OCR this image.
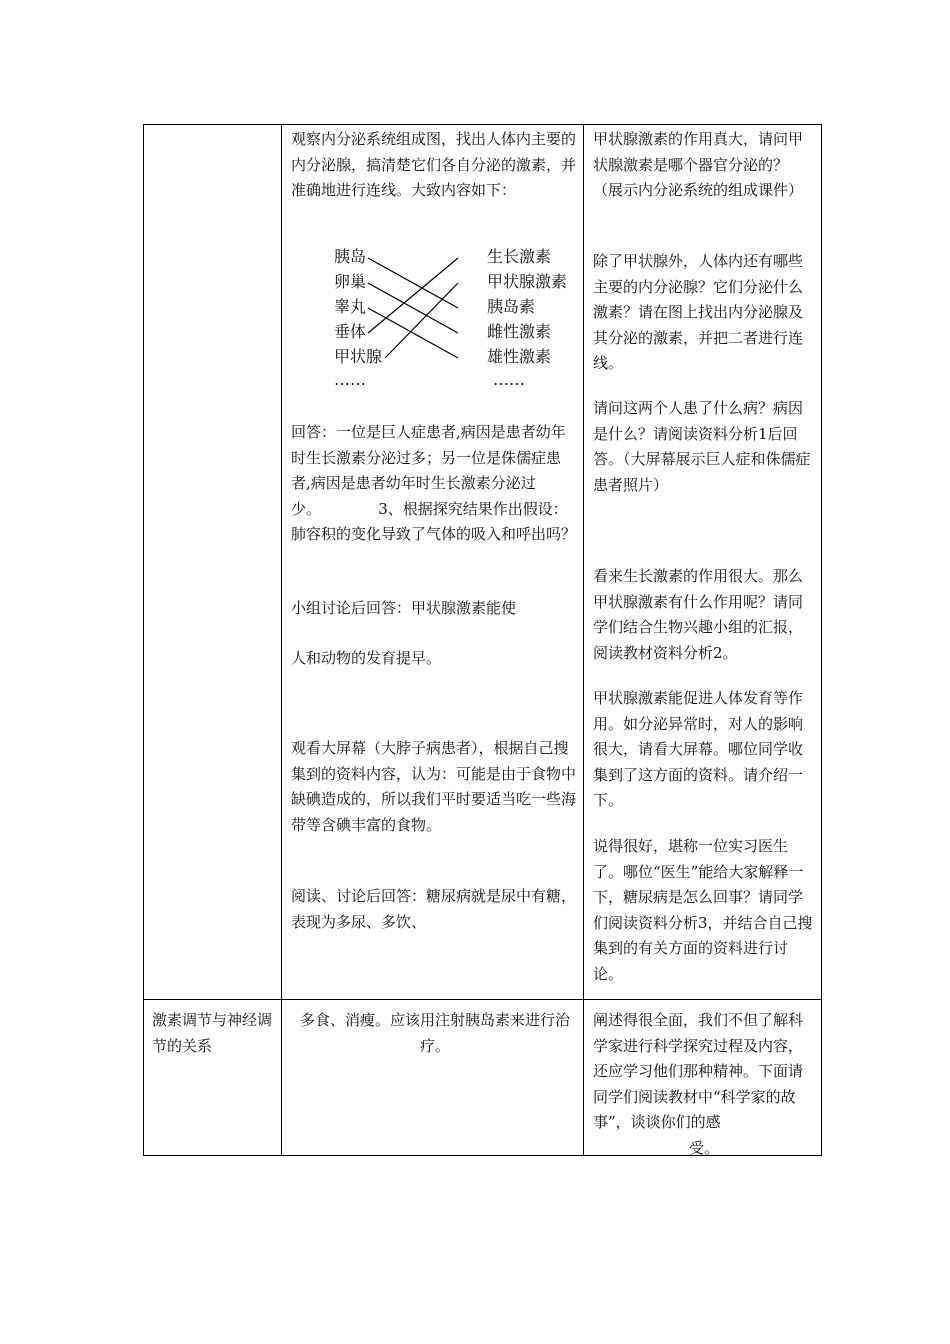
观察内分泌系统组成图，找出人体内主要的内分泌腺，搞清楚它们各自分泌的激素，并准确地进行连线。大致内容如下：

胰岛
卵巢
睾丸
垂体
甲状腺
……
生长激素
甲状腺激素
胰岛素
雌性激素
雄性激素
……

回答：一位是巨人症患者,病因是患者幼年时生长激素分泌过多；另一位是侏儒症患者,病因是患者幼年时生长激素分泌过少。	3、根据探究结果作出假设：肺容积的变化导致了气体的吸入和呼出吗？

小组讨论后回答：甲状腺激素能使

人和动物的发育提早。

观看大屏幕（大脖子病患者），根据自己搜集到的资料内容，认为：可能是由于食物中缺碘造成的，所以我们平时要适当吃一些海带等含碘丰富的食物。

阅读、讨论后回答：糖尿病就是尿中有糖，表现为多尿、多饮、

甲状腺激素的作用真大，请问甲状腺激素是哪个器官分泌的？（展示内分泌系统的组成课件）

除了甲状腺外，人体内还有哪些主要的内分泌腺？它们分泌什么激素？请在图上找出内分泌腺及其分泌的激素，并把二者进行连线。

请问这两个人患了什么病？病因是什么？请阅读资料分析1后回答。（大屏幕展示巨人症和侏儒症患者照片）

看来生长激素的作用很大。那么甲状腺激素有什么作用呢？请同学们结合生物兴趣小组的汇报，阅读教材资料分析2。

甲状腺激素能促进人体发育等作用。如分泌异常时，对人的影响很大，请看大屏幕。哪位同学收集到了这方面的资料。请介绍一下。

说得很好，堪称一位实习医生了。哪位“医生”能给大家解释一下，糖尿病是怎么回事？请同学们阅读资料分析3，并结合自己搜集到的有关方面的资料进行讨论。

激素调节与神经调节的关系

多食、消瘦。应该用注射胰岛素来进行治疗。

阐述得很全面，我们不但了解科学家进行科学探究过程及内容，还应学习他们那种精神。下面请同学们阅读教材中“科学家的故事”，谈谈你们的感

受。
